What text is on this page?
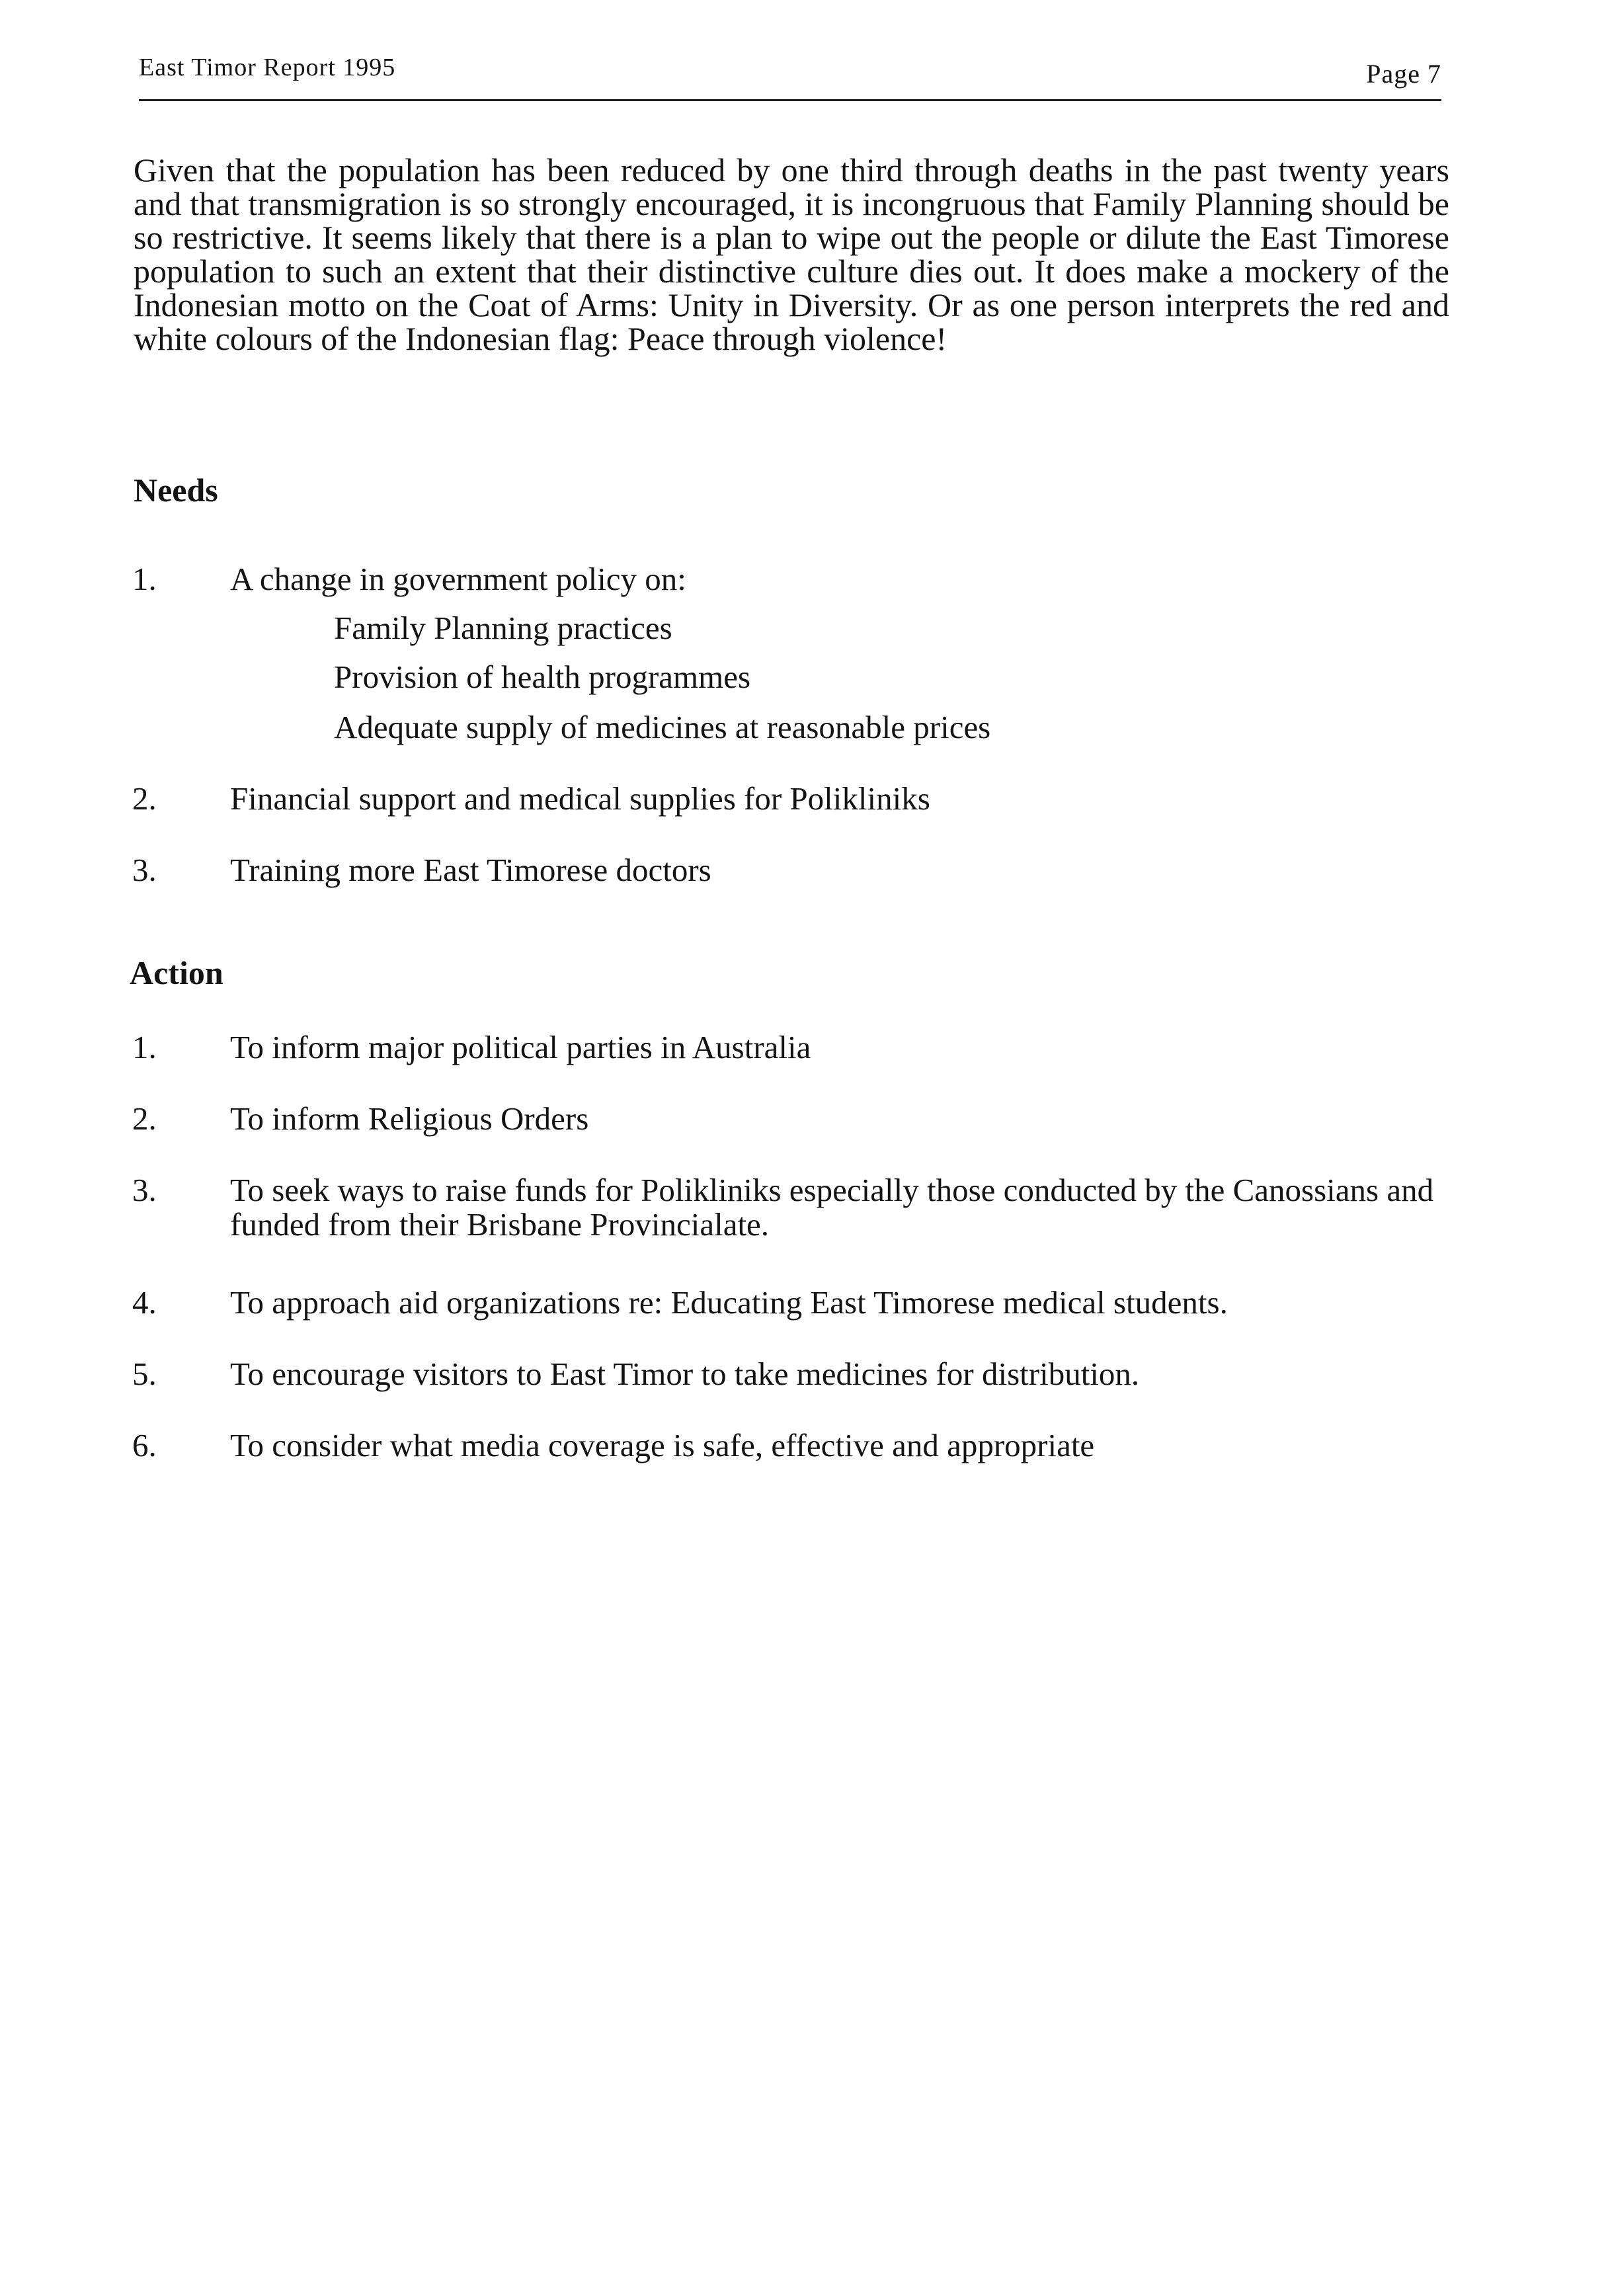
East Timor Report 1995	Page 7

Given that the population has been reduced by one third through deaths in the past twenty years and that transmigration is so strongly encouraged, it is incongruous that Family Planning should be so restrictive. It seems likely that there is a plan to wipe out the people or dilute the East Timorese population to such an extent that their distinctive culture dies out. It does make a mockery of the Indonesian motto on the Coat of Arms: Unity in Diversity. Or as one person interprets the red and white colours of the Indonesian flag: Peace through violence!

Needs
1. A change in government policy on:
Family Planning practices
Provision of health programmes
Adequate supply of medicines at reasonable prices
2. Financial support and medical supplies for Polikliniks
3. Training more East Timorese doctors
Action
1. To inform major political parties in Australia
2. To inform Religious Orders
3. To seek ways to raise funds for Polikliniks especially those conducted by the Canossians and funded from their Brisbane Provincialate.
4. To approach aid organizations re: Educating East Timorese medical students.
5. To encourage visitors to East Timor to take medicines for distribution.
6. To consider what media coverage is safe, effective and appropriate
